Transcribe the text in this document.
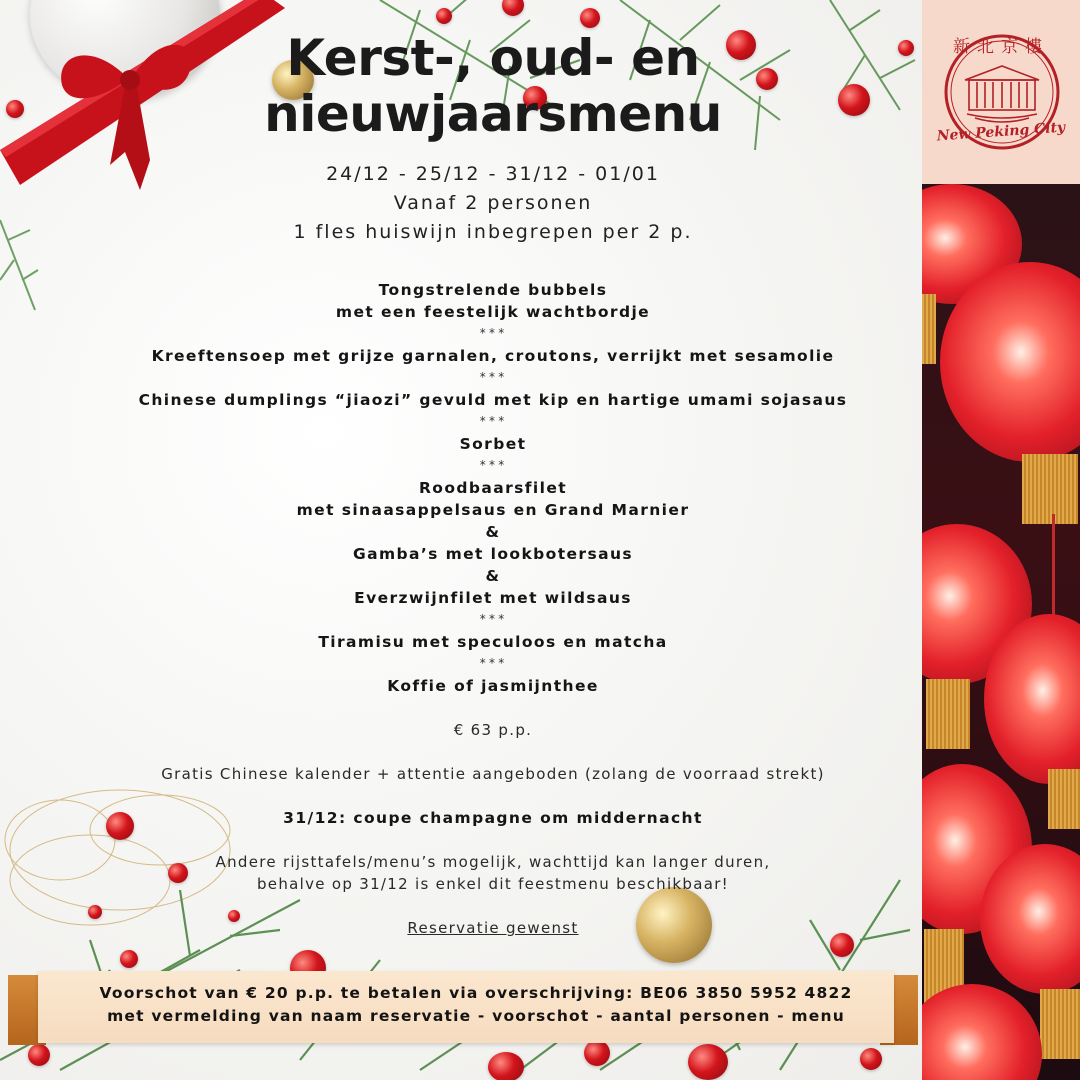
新北京樓
New Peking City
Kerst-, oud- en
nieuwjaarsmenu
24/12 - 25/12 - 31/12 - 01/01
Vanaf 2 personen
1 fles huiswijn inbegrepen per 2 p.
Tongstrelende bubbels
met een feestelijk wachtbordje
***
Kreeftensoep met grijze garnalen, croutons, verrijkt met sesamolie
***
Chinese dumplings “jiaozi” gevuld met kip en hartige umami sojasaus
***
Sorbet
***
Roodbaarsfilet
met sinaasappelsaus en Grand Marnier
&
Gamba’s met lookbotersaus
&
Everzwijnfilet met wildsaus
***
Tiramisu met speculoos en matcha
***
Koffie of jasmijnthee
€ 63 p.p.
Gratis Chinese kalender + attentie aangeboden (zolang de voorraad strekt)
31/12: coupe champagne om middernacht
Andere rijsttafels/menu’s mogelijk, wachttijd kan langer duren,
behalve op 31/12 is enkel dit feestmenu beschikbaar!
Reservatie gewenst
Voorschot van € 20 p.p. te betalen via overschrijving: BE06 3850 5952 4822
met vermelding van naam reservatie - voorschot - aantal personen - menu
